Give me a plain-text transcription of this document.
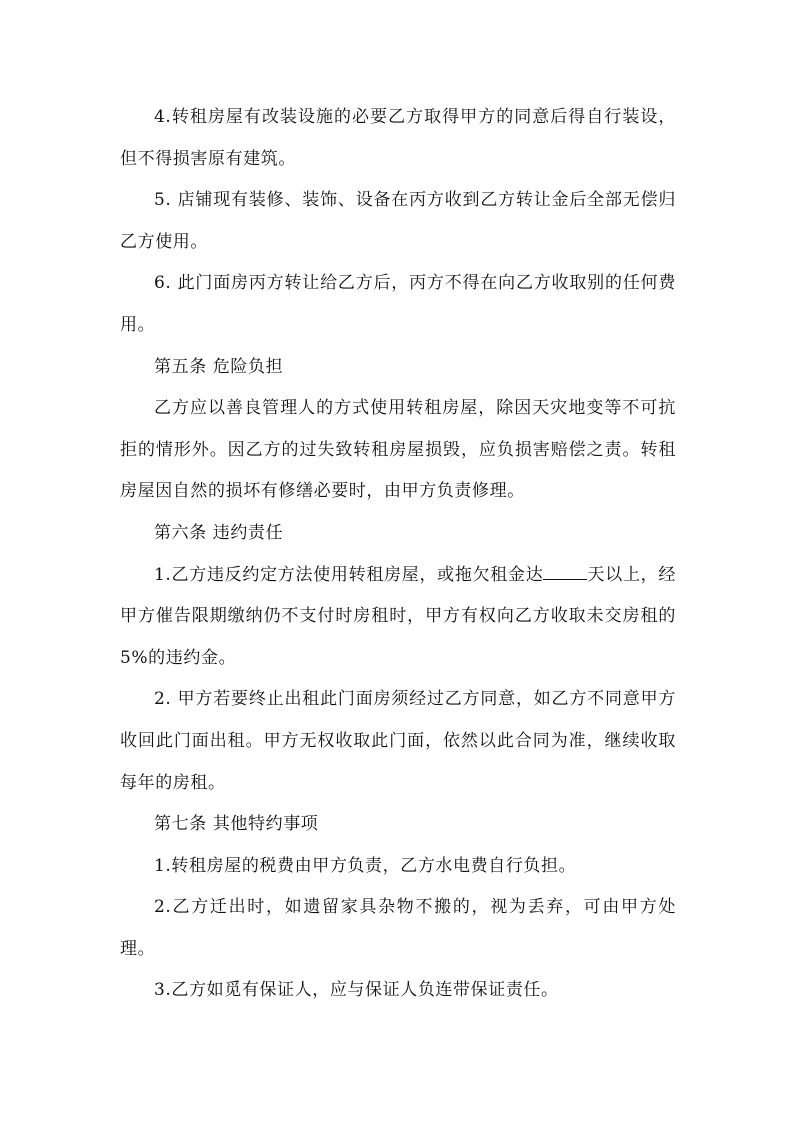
4.转租房屋有改装设施的必要乙方取得甲方的同意后得自行装设，但不得损害原有建筑。

5. 店铺现有装修、装饰、设备在丙方收到乙方转让金后全部无偿归乙方使用。

6. 此门面房丙方转让给乙方后，丙方不得在向乙方收取别的任何费用。

第五条 危险负担

乙方应以善良管理人的方式使用转租房屋，除因天灾地变等不可抗拒的情形外。因乙方的过失致转租房屋损毁，应负损害赔偿之责。转租房屋因自然的损坏有修缮必要时，由甲方负责修理。

第六条 违约责任

1.乙方违反约定方法使用转租房屋，或拖欠租金达	天以上，经甲方催告限期缴纳仍不支付时房租时，甲方有权向乙方收取未交房租的 5%的违约金。

2. 甲方若要终止出租此门面房须经过乙方同意，如乙方不同意甲方收回此门面出租。甲方无权收取此门面，依然以此合同为准，继续收取每年的房租。

第七条 其他特约事项

1.转租房屋的税费由甲方负责，乙方水电费自行负担。

2.乙方迁出时，如遗留家具杂物不搬的，视为丢弃，可由甲方处理。

3.乙方如觅有保证人，应与保证人负连带保证责任。
